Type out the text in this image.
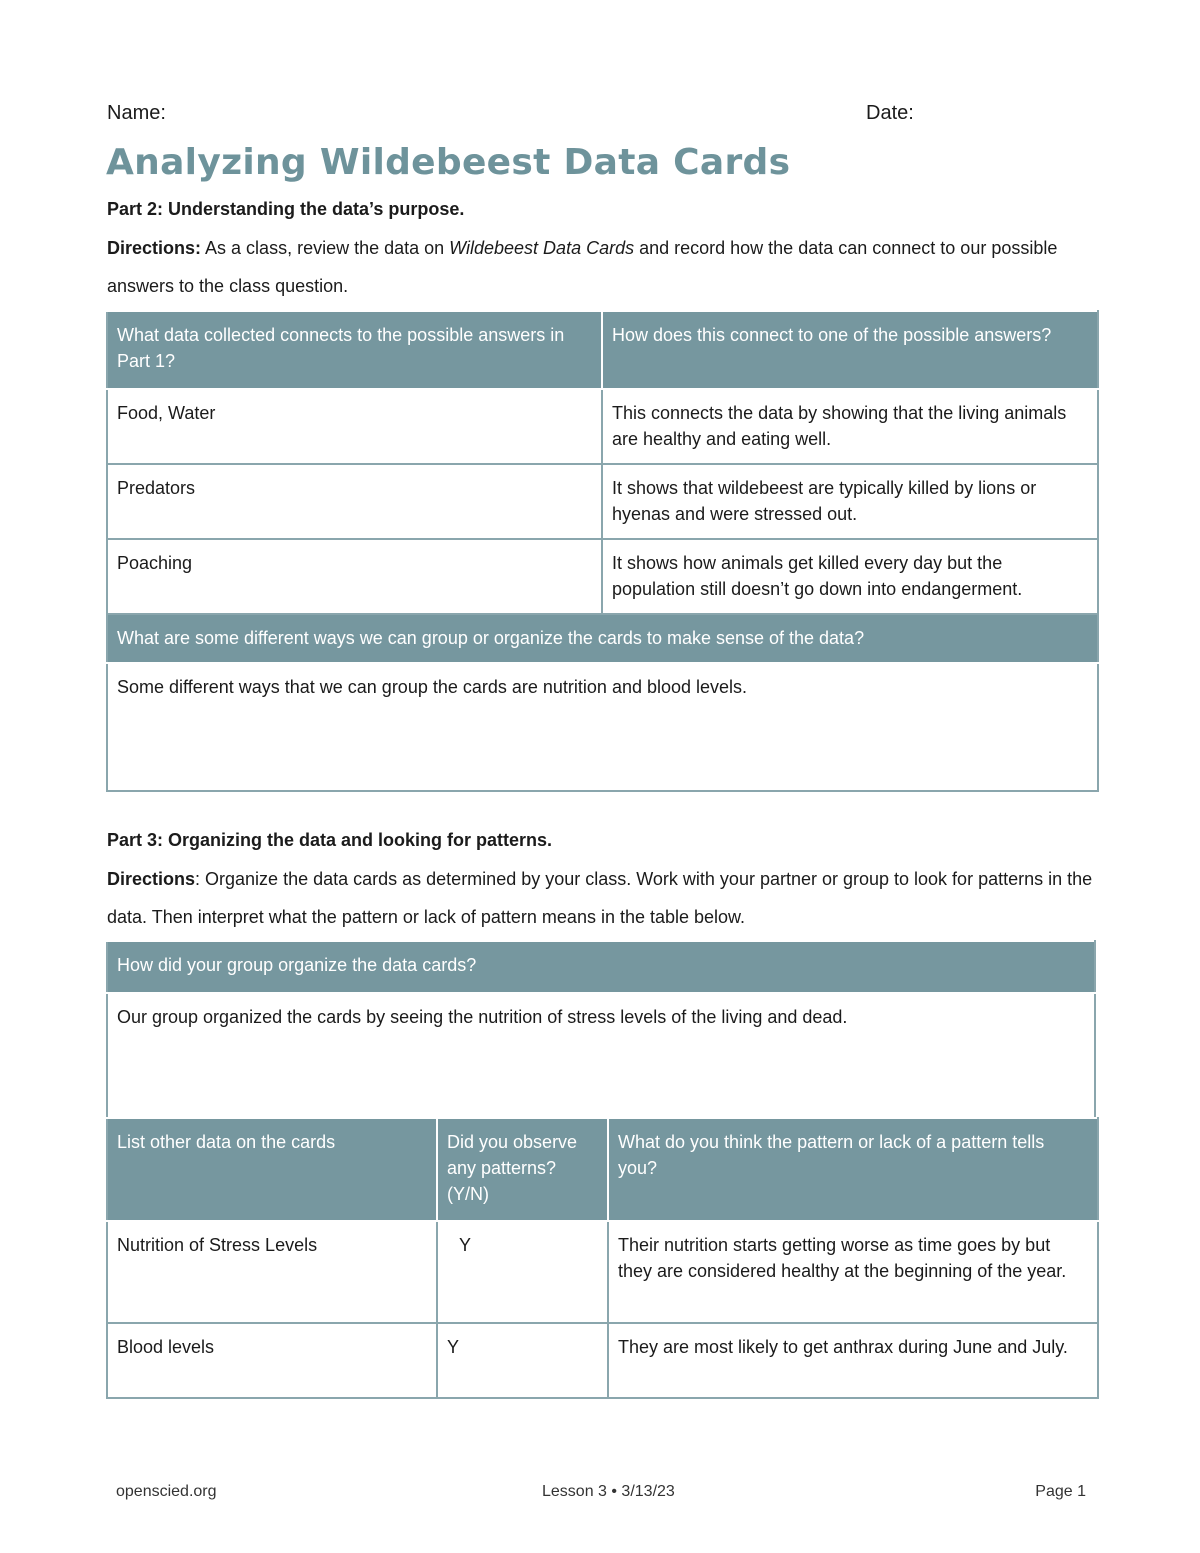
Name:	Date:
Analyzing Wildebeest Data Cards

Part 2: Understanding the data’s purpose.

Directions: As a class, review the data on Wildebeest Data Cards and record how the data can connect to our possible answers to the class question.

What data collected connects to the possible answers in Part 1?	How does this connect to one of the possible answers?
Food, Water	This connects the data by showing that the living animals are healthy and eating well.
Predators	It shows that wildebeest are typically killed by lions or hyenas and were stressed out.
Poaching	It shows how animals get killed every day but the population still doesn’t go down into endangerment.
What are some different ways we can group or organize the cards to make sense of the data?	
Some different ways that we can group the cards are nutrition and blood levels.	

Part 3: Organizing the data and looking for patterns.

Directions: Organize the data cards as determined by your class. Work with your partner or group to look for patterns in the data. Then interpret what the pattern or lack of pattern means in the table below.

How did your group organize the data cards?
Our group organized the cards by seeing the nutrition of stress levels of the living and dead.
List other data on the cards	Did you observe any patterns? (Y/N)	What do you think the pattern or lack of a pattern tells you?
Nutrition of Stress Levels	Y	Their nutrition starts getting worse as time goes by but they are considered healthy at the beginning of the year.
Blood levels	Y	They are most likely to get anthrax during June and July.
openscied.org	Lesson 3 • 3/13/23	Page 1
